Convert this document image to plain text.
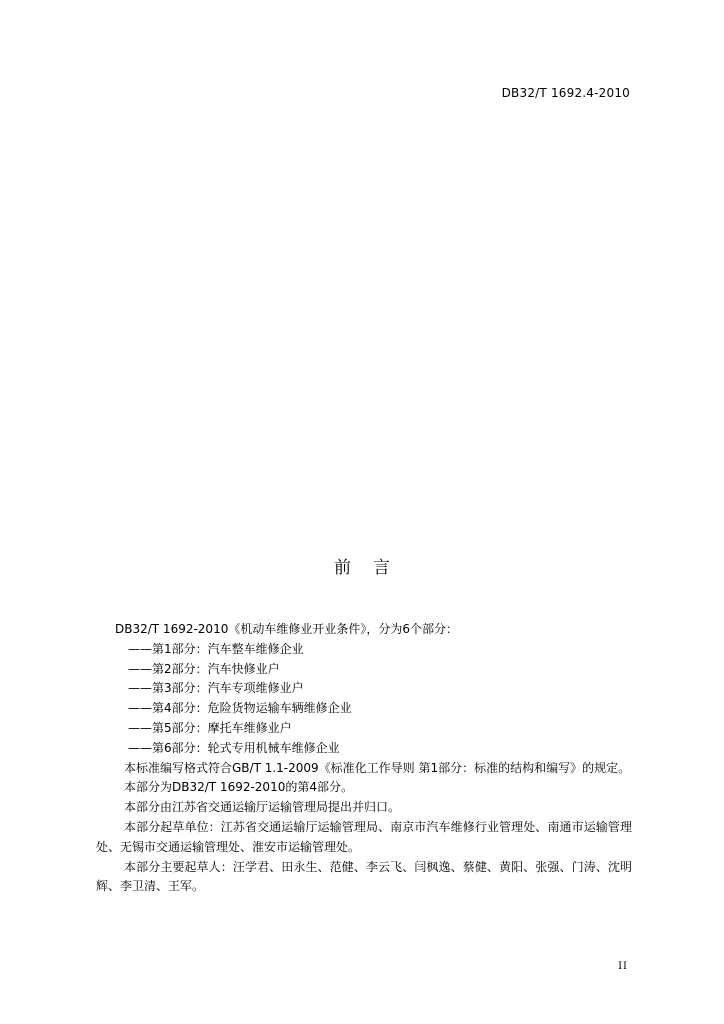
DB32/T 1692.4-2010
前言

DB32/T 1692-2010《机动车维修业开业条件》，分为6个部分：

——第1部分：汽车整车维修企业

——第2部分：汽车快修业户

——第3部分：汽车专项维修业户

——第4部分：危险货物运输车辆维修企业

——第5部分：摩托车维修业户

——第6部分：轮式专用机械车维修企业

本标准编写格式符合GB/T 1.1-2009《标准化工作导则 第1部分：标准的结构和编写》的规定。

本部分为DB32/T 1692-2010的第4部分。

本部分由江苏省交通运输厅运输管理局提出并归口。

本部分起草单位：江苏省交通运输厅运输管理局、南京市汽车维修行业管理处、南通市运输管理处、无锡市交通运输管理处、淮安市运输管理处。

本部分主要起草人：汪学君、田永生、范健、李云飞、闫枫逸、蔡健、黄阳、张强、门涛、沈明辉、李卫清、王军。

II
